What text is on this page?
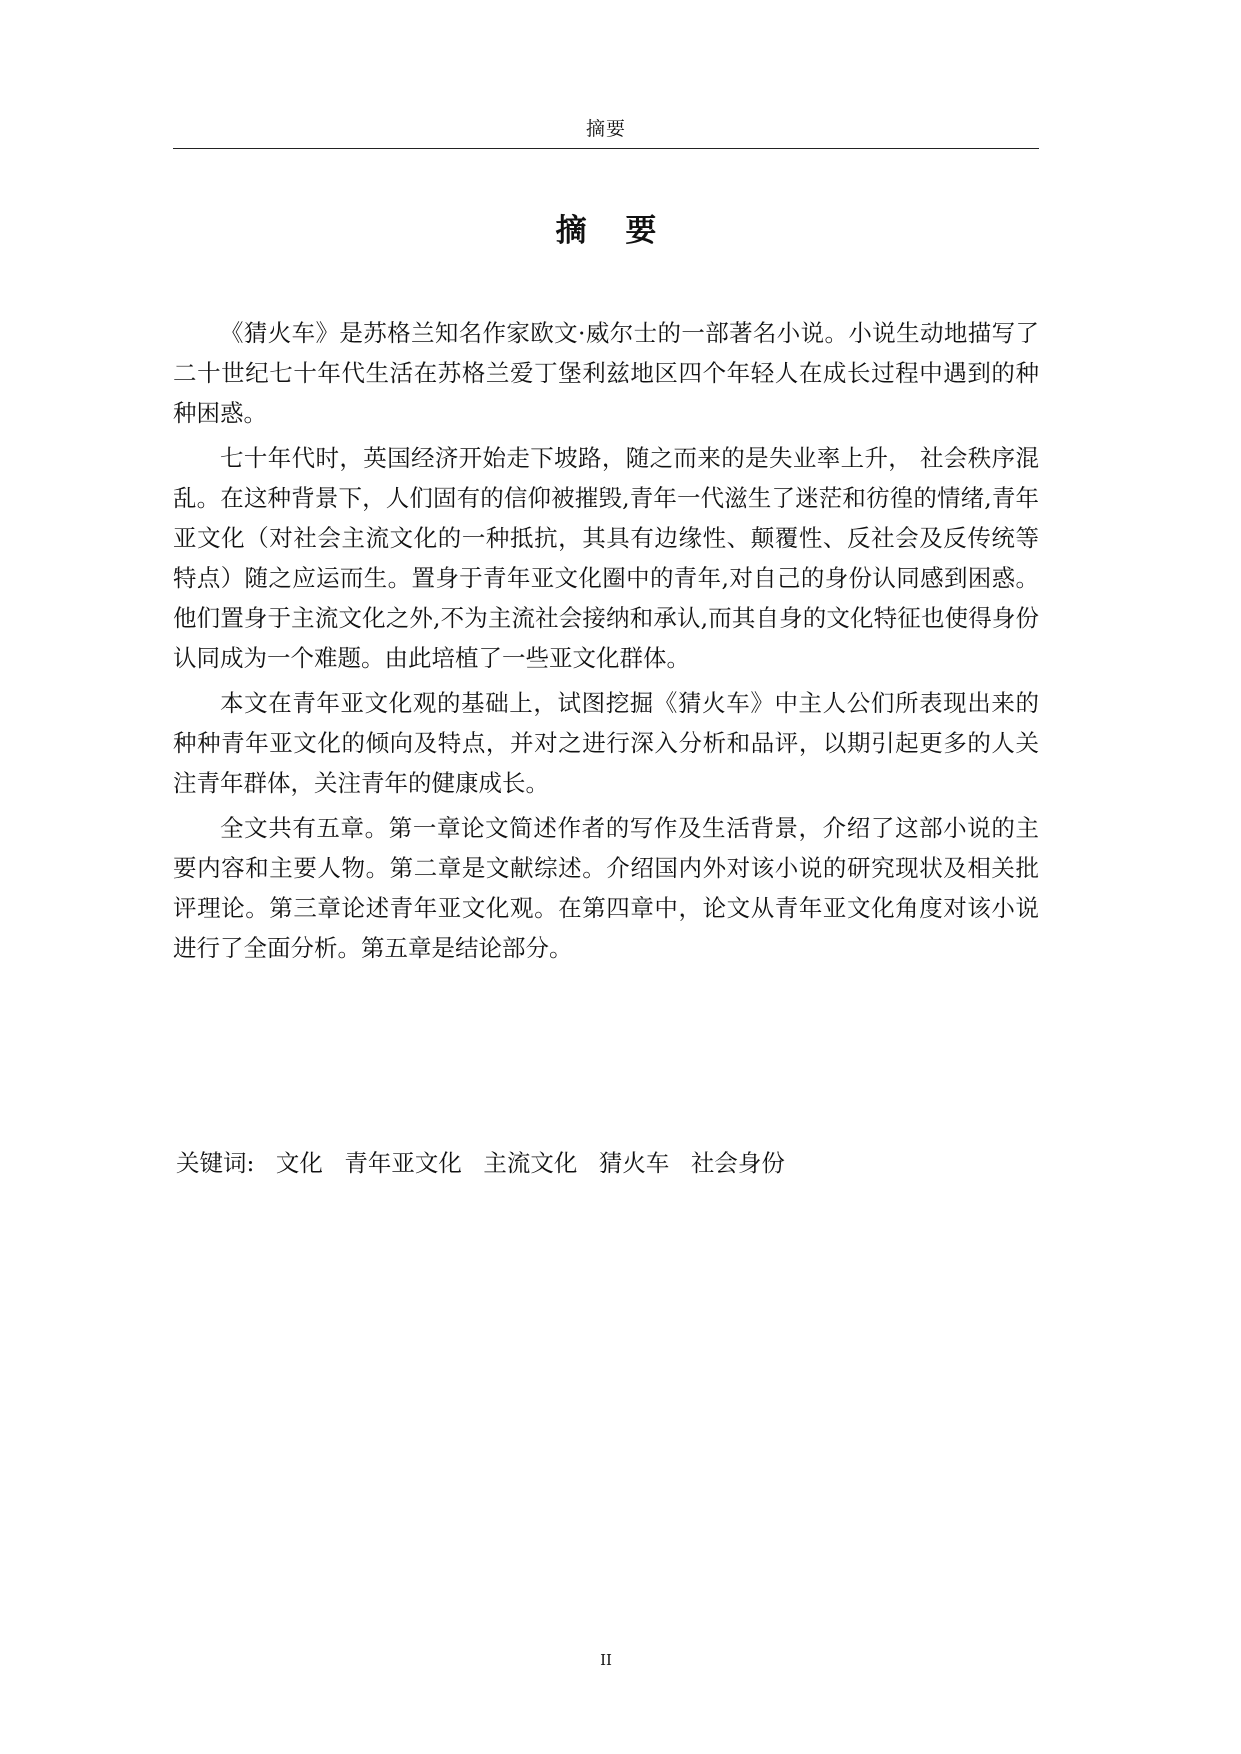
摘要
摘 要

《猜火车》是苏格兰知名作家欧文·威尔士的一部著名小说。小说生动地描写了二十世纪七十年代生活在苏格兰爱丁堡利兹地区四个年轻人在成长过程中遇到的种种困惑。

七十年代时，英国经济开始走下坡路，随之而来的是失业率上升， 社会秩序混乱。在这种背景下，人们固有的信仰被摧毁,青年一代滋生了迷茫和彷徨的情绪,青年亚文化（对社会主流文化的一种抵抗，其具有边缘性、颠覆性、反社会及反传统等特点）随之应运而生。置身于青年亚文化圈中的青年,对自己的身份认同感到困惑。他们置身于主流文化之外,不为主流社会接纳和承认,而其自身的文化特征也使得身份认同成为一个难题。由此培植了一些亚文化群体。

本文在青年亚文化观的基础上，试图挖掘《猜火车》中主人公们所表现出来的种种青年亚文化的倾向及特点，并对之进行深入分析和品评，以期引起更多的人关注青年群体，关注青年的健康成长。

全文共有五章。第一章论文简述作者的写作及生活背景，介绍了这部小说的主要内容和主要人物。第二章是文献综述。介绍国内外对该小说的研究现状及相关批评理论。第三章论述青年亚文化观。在第四章中，论文从青年亚文化角度对该小说进行了全面分析。第五章是结论部分。

关键词: 文化 青年亚文化 主流文化 猜火车 社会身份
II
